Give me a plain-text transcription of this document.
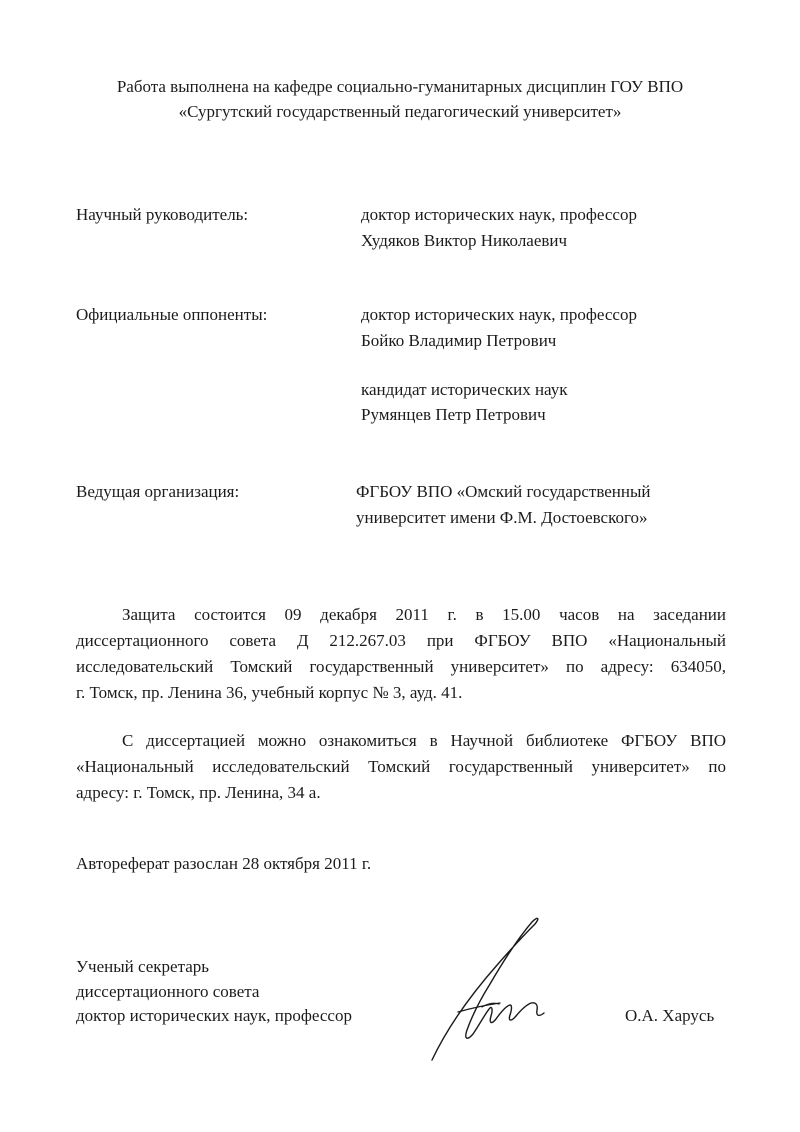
Работа выполнена на кафедре социально-гуманитарных дисциплин ГОУ ВПО
«Сургутский государственный педагогический университет»
Научный руководитель:	доктор исторических наук, профессор
Худяков Виктор Николаевич
Официальные оппоненты:	доктор исторических наук, профессор
Бойко Владимир Петрович
кандидат исторических наук
Румянцев Петр Петрович
Ведущая организация:	ФГБОУ ВПО «Омский государственный
университет имени Ф.М. Достоевского»
Защита состоится 09 декабря 2011 г. в 15.00 часов на заседании
диссертационного совета Д 212.267.03 при ФГБОУ ВПО «Национальный
исследовательский Томский государственный университет» по адресу: 634050,
г. Томск, пр. Ленина 36, учебный корпус № 3, ауд. 41.
С диссертацией можно ознакомиться в Научной библиотеке ФГБОУ ВПО
«Национальный исследовательский Томский государственный университет» по
адресу: г. Томск, пр. Ленина, 34 а.
Автореферат разослан 28 октября 2011 г.
Ученый секретарь
диссертационного совета
доктор исторических наук, профессор	О.А. Харусь
